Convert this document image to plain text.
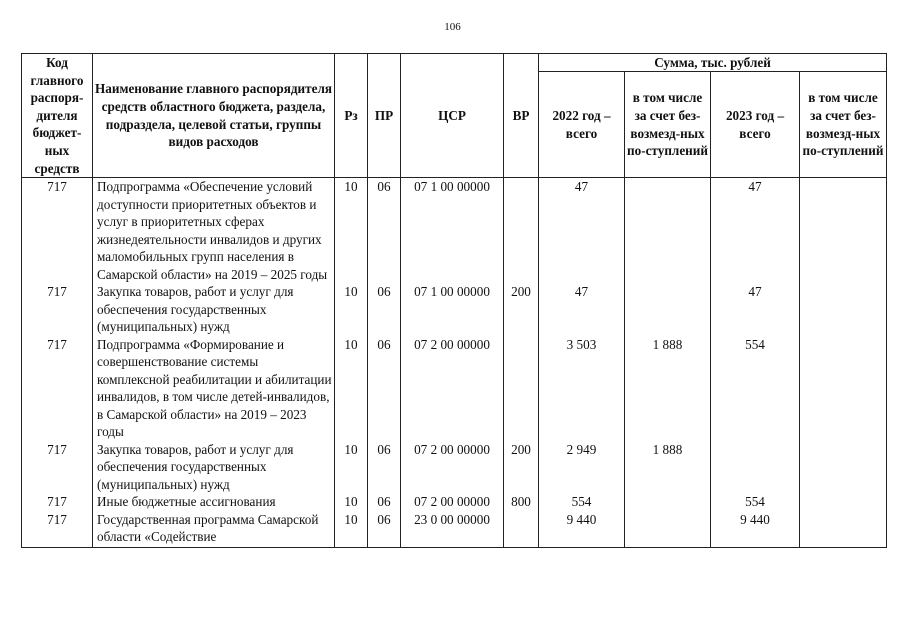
106
Код главного распоря-дителя бюджет-ных средств	Наименование главного распорядителя средств областного бюджета, раздела, подраздела, целевой статьи, группы видов расходов	Рз	ПР	ЦСР	ВР	Сумма, тыс. рублей			
						2022 год – всего	в том числе за счет без-возмезд-ных по-ступлений	2023 год – всего	в том числе за счет без-возмезд-ных по-ступлений
717	Подпрограмма «Обеспечение условий доступности приоритетных объектов и услуг в приоритетных сферах жизнедеятельности инвалидов и других маломобильных групп населения в Самарской области» на 2019 – 2025 годы	10	06	07 1 00 00000		47		47	
717	Закупка товаров, работ и услуг для обеспечения государственных (муниципальных) нужд	10	06	07 1 00 00000	200	47		47	
717	Подпрограмма «Формирование и совершенствование системы комплексной реабилитации и абилитации инвалидов, в том числе детей-инвалидов, в Самарской области» на 2019 – 2023 годы	10	06	07 2 00 00000		3 503	1 888	554	
717	Закупка товаров, работ и услуг для обеспечения государственных (муниципальных) нужд	10	06	07 2 00 00000	200	2 949	1 888		
717	Иные бюджетные ассигнования	10	06	07 2 00 00000	800	554		554	
717	Государственная программа Самарской области «Содействие	10	06	23 0 00 00000		9 440		9 440	
